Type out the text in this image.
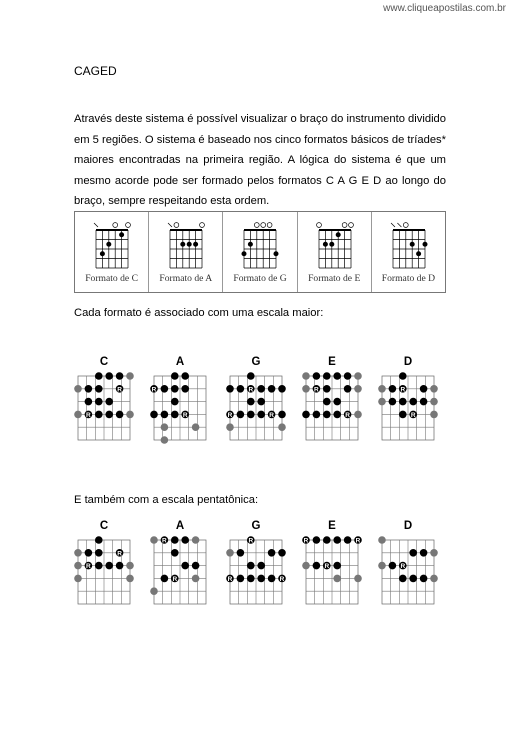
www.cliqueapostilas.com.br
CAGED
Através deste sistema é possível visualizar o braço do instrumento dividido em 5 regiões. O sistema é baseado nos cinco formatos básicos de tríades* maiores encontradas na primeira região. A lógica do sistema é que um mesmo acorde pode ser formado pelos formatos C A G E D ao longo do braço, sempre respeitando esta ordem.
Formato de C	Formato de A	Formato de G	Formato de E	Formato de D
Cada formato é associado com uma escala maior:
C
R
R
A
R
R
G
R
R	R
E
R
R
D
R
R
E também com a escala pentatônica:
C
R
R
A
R
R
G
R
R	R
E
R	R
R
D
R
